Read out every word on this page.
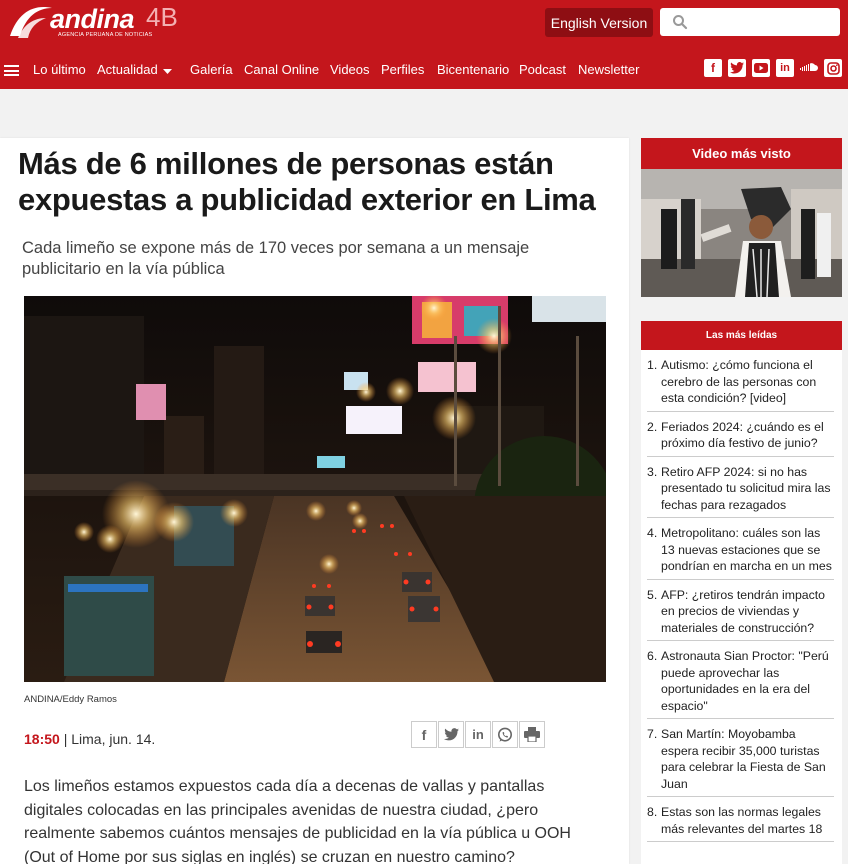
andina
AGENCIA PERUANA DE NOTICIAS
4B	English Version
Lo último Actualidad Galería Canal Online Videos Perfiles Bicentenario Podcast Newsletter	f	in
Más de 6 millones de personas están expuestas a publicidad exterior en Lima

Cada limeño se expone más de 170 veces por semana a un mensaje publicitario en la vía pública

ANDINA/Eddy Ramos
18:50 | Lima, jun. 14.	f	in

Los limeños estamos expuestos cada día a decenas de vallas y pantallas digitales colocadas en las principales avenidas de nuestra ciudad, ¿pero realmente sabemos cuántos mensajes de publicidad en la vía pública u OOH (Out of Home por sus siglas en inglés) se cruzan en nuestro camino?

Video más visto
Las más leídas
1. Autismo: ¿cómo funciona el cerebro de las personas con esta condición? [video]
2. Feriados 2024: ¿cuándo es el próximo día festivo de junio?
3. Retiro AFP 2024: si no has presentado tu solicitud mira las fechas para rezagados
4. Metropolitano: cuáles son las 13 nuevas estaciones que se pondrían en marcha en un mes
5. AFP: ¿retiros tendrán impacto en precios de viviendas y materiales de construcción?
6. Astronauta Sian Proctor: "Perú puede aprovechar las oportunidades en la era del espacio"
7. San Martín: Moyobamba espera recibir 35,000 turistas para celebrar la Fiesta de San Juan
8. Estas son las normas legales más relevantes del martes 18
